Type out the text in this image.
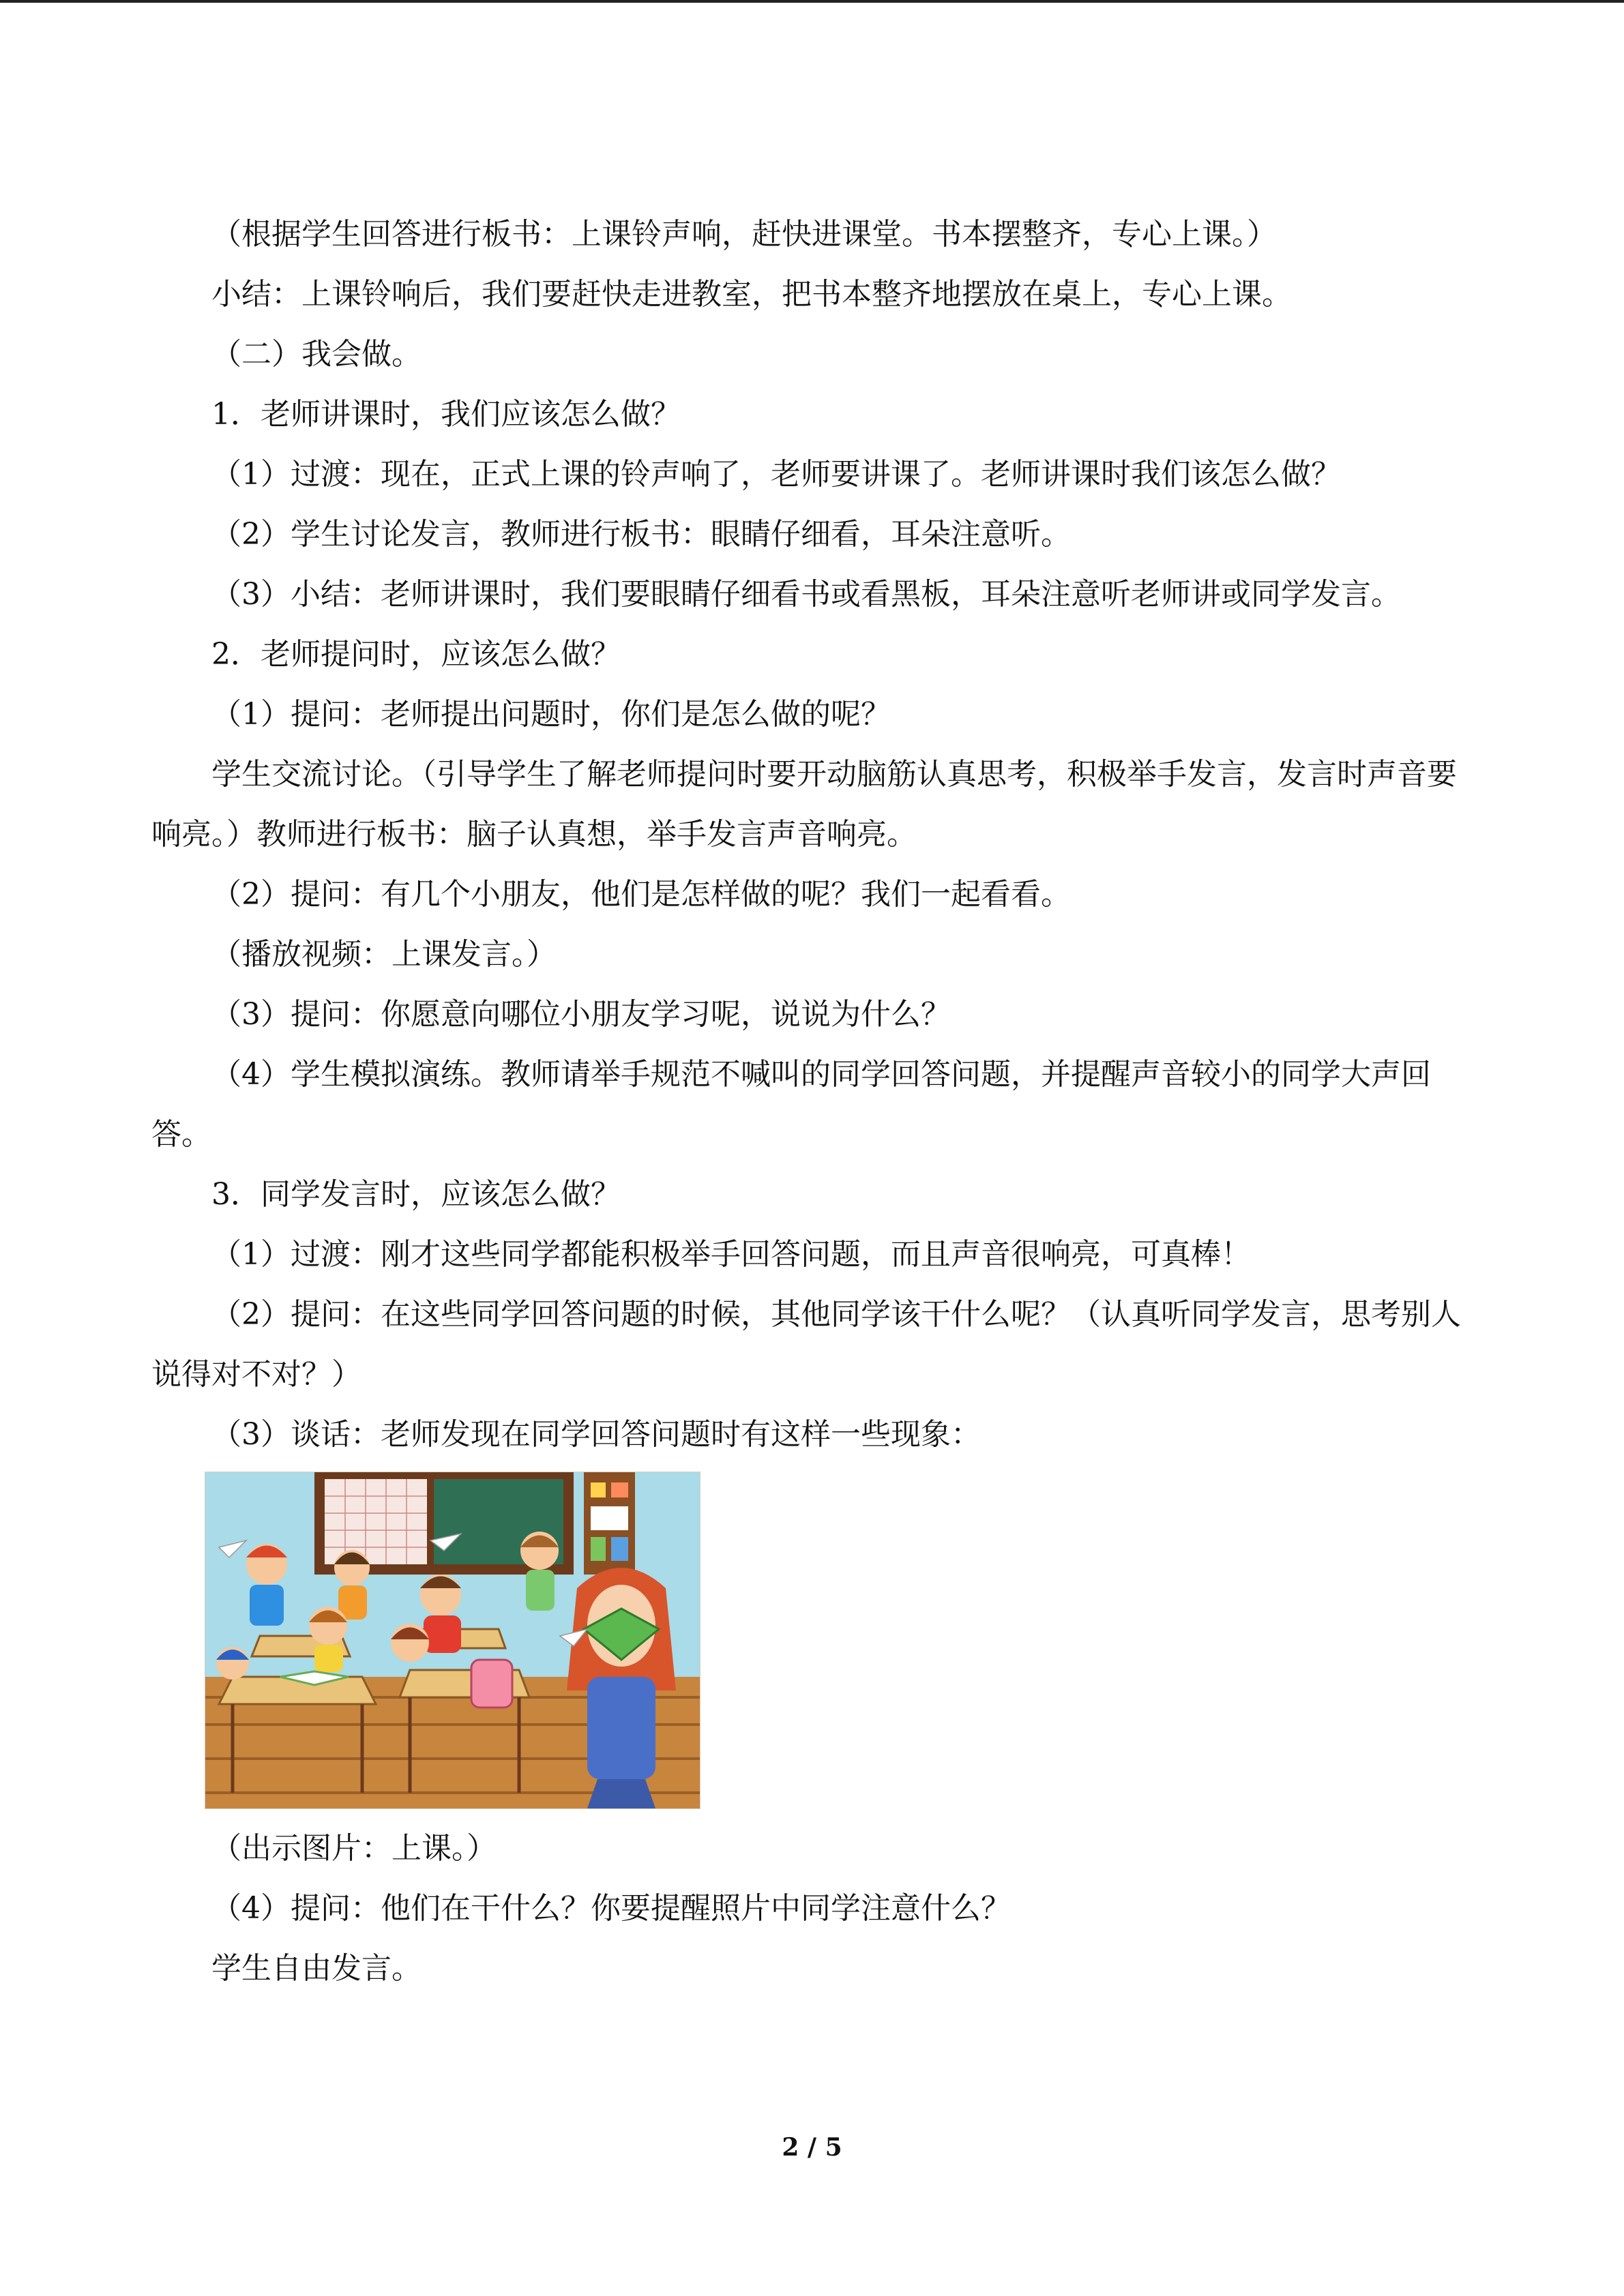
（根据学生回答进行板书：上课铃声响，赶快进课堂。书本摆整齐，专心上课。）

小结：上课铃响后，我们要赶快走进教室，把书本整齐地摆放在桌上，专心上课。

（二）我会做。

1．老师讲课时，我们应该怎么做？

（1）过渡：现在，正式上课的铃声响了，老师要讲课了。老师讲课时我们该怎么做？

（2）学生讨论发言，教师进行板书：眼睛仔细看，耳朵注意听。

（3）小结：老师讲课时，我们要眼睛仔细看书或看黑板，耳朵注意听老师讲或同学发言。

2．老师提问时，应该怎么做？

（1）提问：老师提出问题时，你们是怎么做的呢？

学生交流讨论。（引导学生了解老师提问时要开动脑筋认真思考，积极举手发言，发言时声音要响亮。）教师进行板书：脑子认真想，举手发言声音响亮。

（2）提问：有几个小朋友，他们是怎样做的呢？我们一起看看。

（播放视频：上课发言。）

（3）提问：你愿意向哪位小朋友学习呢，说说为什么？

（4）学生模拟演练。教师请举手规范不喊叫的同学回答问题，并提醒声音较小的同学大声回答。

3．同学发言时，应该怎么做？

（1）过渡：刚才这些同学都能积极举手回答问题，而且声音很响亮，可真棒！

（2）提问：在这些同学回答问题的时候，其他同学该干什么呢？（认真听同学发言，思考别人说得对不对？）

（3）谈话：老师发现在同学回答问题时有这样一些现象：

（出示图片：上课。）

（4）提问：他们在干什么？你要提醒照片中同学注意什么？

学生自由发言。

2 / 5
